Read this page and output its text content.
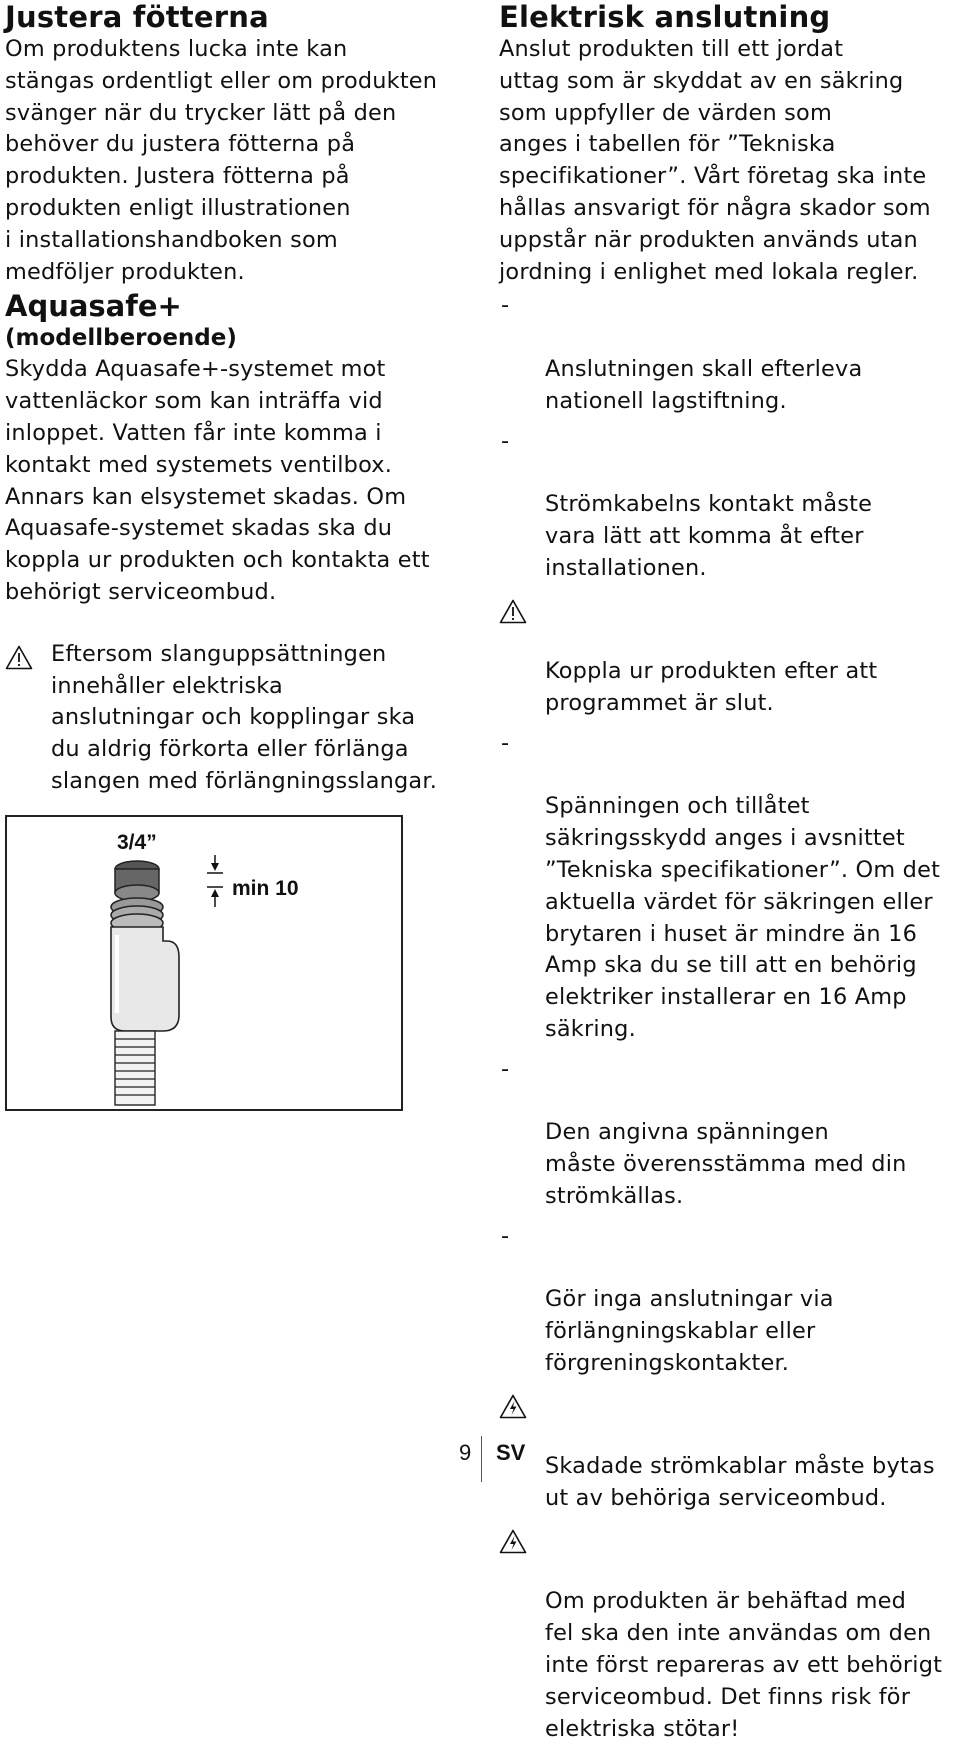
Justera fötterna

Om produktens lucka inte kan
stängas ordentligt eller om produkten
svänger när du trycker lätt på den
behöver du justera fötterna på
produkten. Justera fötterna på
produkten enligt illustrationen
i installationshandboken som
medföljer produkten.

Aquasafe+
(modellberoende)

Skydda Aquasafe+-systemet mot
vattenläckor som kan inträffa vid
inloppet. Vatten får inte komma i
kontakt med systemets ventilbox.
Annars kan elsystemet skadas. Om
Aquasafe-systemet skadas ska du
koppla ur produkten och kontakta ett
behörigt serviceombud.

Eftersom slanguppsättningen
innehåller elektriska
anslutningar och kopplingar ska
du aldrig förkorta eller förlänga
slangen med förlängningsslangar.

3/4”
min 10
Elektrisk anslutning

Anslut produkten till ett jordat
uttag som är skyddat av en säkring
som uppfyller de värden som
anges i tabellen för ”Tekniska
specifikationer”. Vårt företag ska inte
hållas ansvarigt för några skador som
uppstår när produkten används utan
jordning i enlighet med lokala regler.

-

Anslutningen skall efterleva
nationell lagstiftning.

-

Strömkabelns kontakt måste
vara lätt att komma åt efter
installationen.

Koppla ur produkten efter att
programmet är slut.

-

Spänningen och tillåtet
säkringsskydd anges i avsnittet
”Tekniska specifikationer”. Om det
aktuella värdet för säkringen eller
brytaren i huset är mindre än 16
Amp ska du se till att en behörig
elektriker installerar en 16 Amp
säkring.

-

Den angivna spänningen
måste överensstämma med din
strömkällas.

-

Gör inga anslutningar via
förlängningskablar eller
förgreningskontakter.

Skadade strömkablar måste bytas
ut av behöriga serviceombud.

Om produkten är behäftad med
fel ska den inte användas om den
inte först repareras av ett behörigt
serviceombud. Det finns risk för
elektriska stötar!

9 SV
